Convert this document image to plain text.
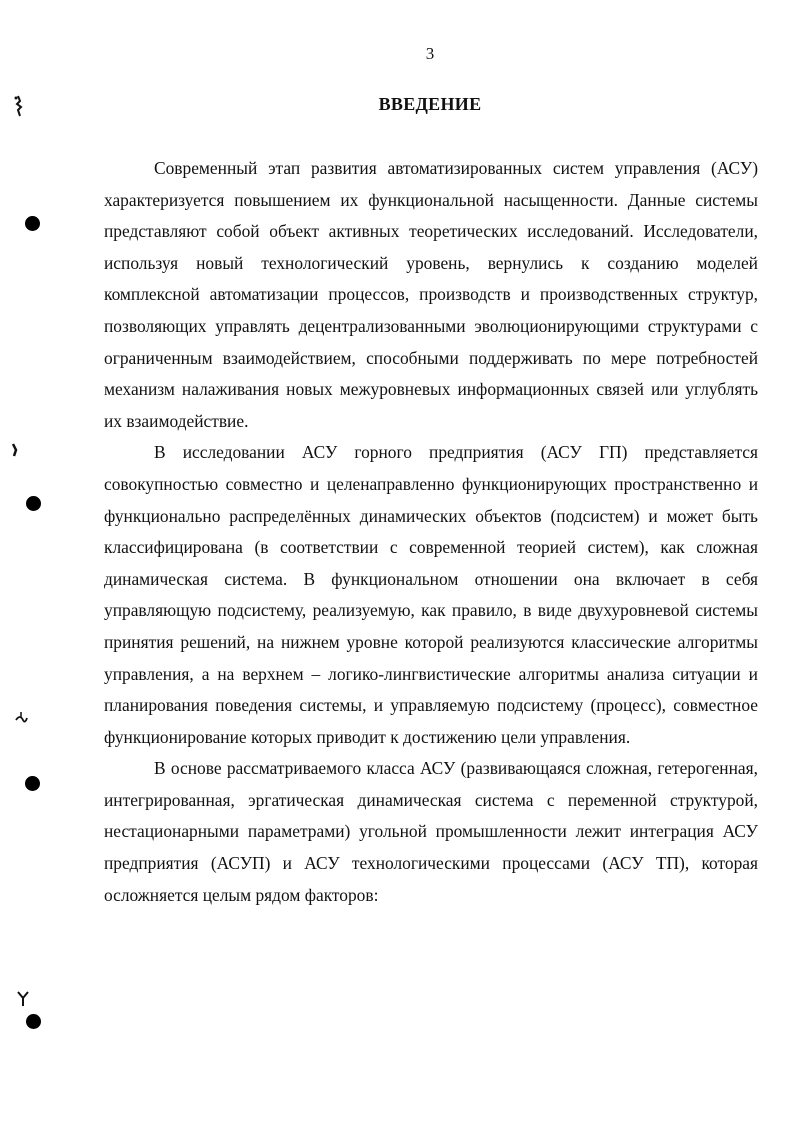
3
ВВЕДЕНИЕ

Современный этап развития автоматизированных систем управления (АСУ) характеризуется повышением их функциональной насыщенности. Данные системы представляют собой объект активных теоретических исследований. Исследователи, используя новый технологический уровень, вернулись к созданию моделей комплексной автоматизации процессов, производств и производственных структур, позволяющих управлять децентрализованными эволюционирующими структурами с ограниченным взаимодействием, способными поддерживать по мере потребностей механизм налаживания новых межуровневых информационных связей или углублять их взаимодействие.

В исследовании АСУ горного предприятия (АСУ ГП) представляется совокупностью совместно и целенаправленно функционирующих пространственно и функционально распределённых динамических объектов (подсистем) и может быть классифицирована (в соответствии с современной теорией систем), как сложная динамическая система. В функциональном отношении она включает в себя управляющую подсистему, реализуемую, как правило, в виде двухуровневой системы принятия решений, на нижнем уровне которой реализуются классические алгоритмы управления, а на верхнем – логико-лингвистические алгоритмы анализа ситуации и планирования поведения системы, и управляемую подсистему (процесс), совместное функционирование которых приводит к достижению цели управления.

В основе рассматриваемого класса АСУ (развивающаяся сложная, гетерогенная, интегрированная, эргатическая динамическая система с переменной структурой, нестационарными параметрами) угольной промышленности лежит интеграция АСУ предприятия (АСУП) и АСУ технологическими процессами (АСУ ТП), которая осложняется целым рядом факторов:
